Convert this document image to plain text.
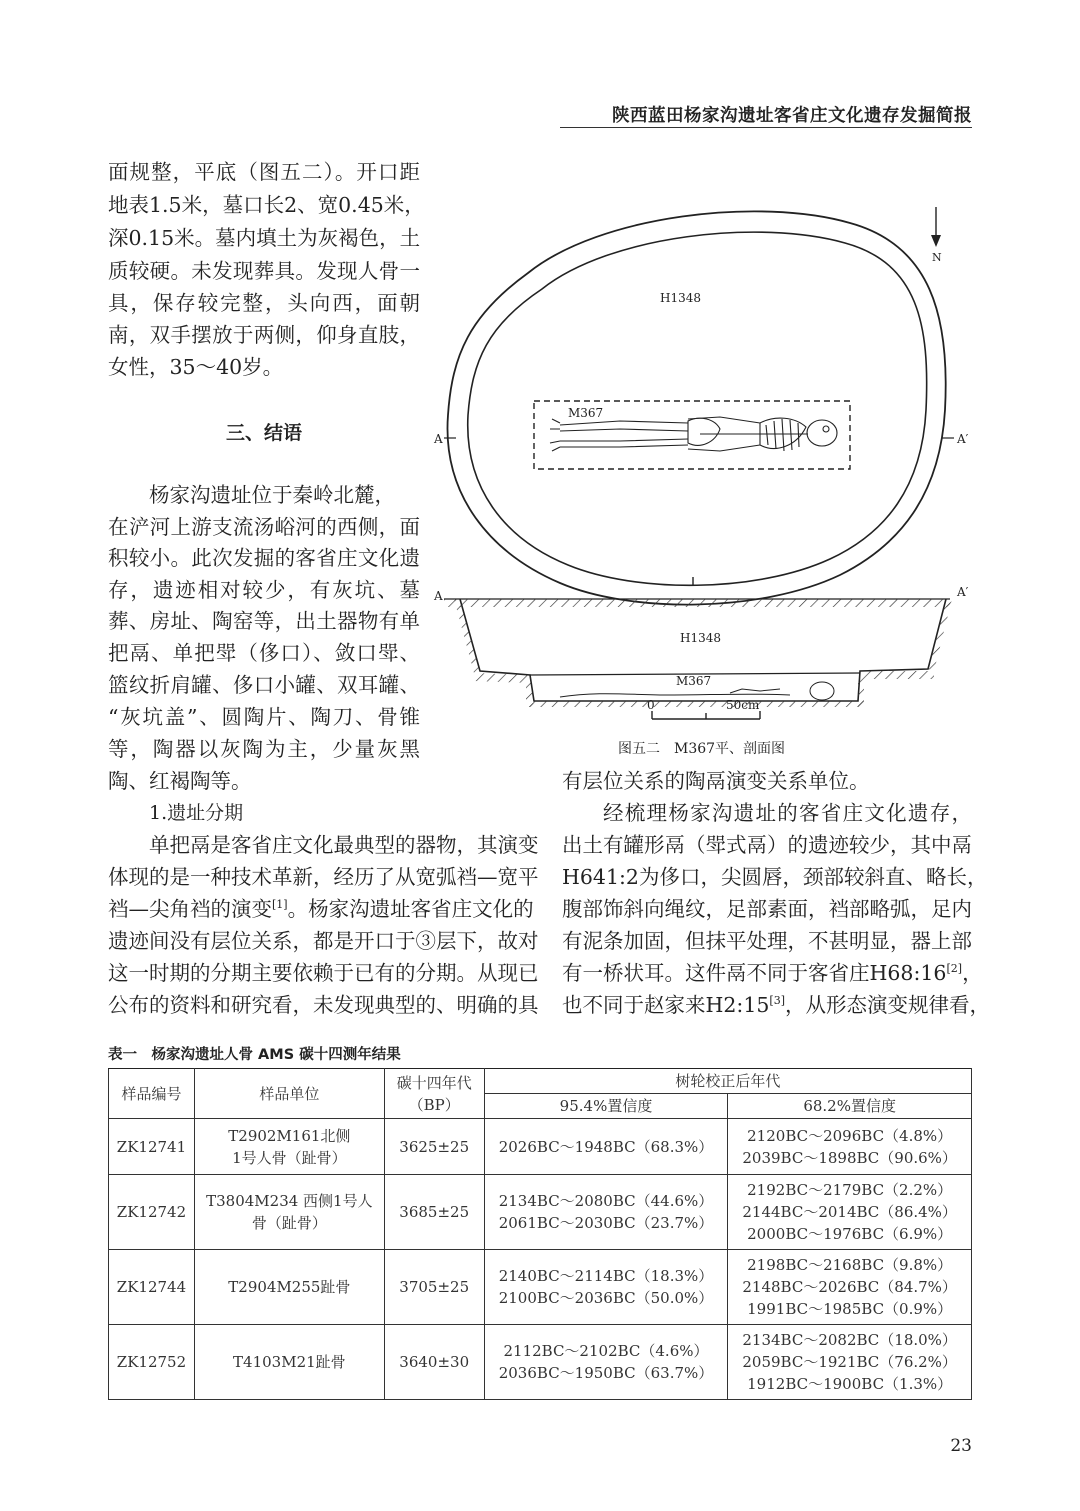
陕西蓝田杨家沟遗址客省庄文化遗存发掘简报
面规整，平底（图五二）。开口距
地表1.5米，墓口长2、宽0.45米，
深0.15米。墓内填土为灰褐色，土
质较硬。未发现葬具。发现人骨一
具，保存较完整，头向西，面朝
南，双手摆放于两侧，仰身直肢，
女性，35～40岁。
三、结语
杨家沟遗址位于秦岭北麓，
在浐河上游支流汤峪河的西侧，面
积较小。此次发掘的客省庄文化遗
存，遗迹相对较少，有灰坑、墓
葬、房址、陶窑等，出土器物有单
把鬲、单把斝（侈口）、敛口斝、
篮纹折肩罐、侈口小罐、双耳罐、
“灰坑盖”、圆陶片、陶刀、骨锥
等，陶器以灰陶为主，少量灰黑
陶、红褐陶等。
1.遗址分期
单把鬲是客省庄文化最典型的器物，其演变
体现的是一种技术革新，经历了从宽弧裆—宽平
裆—尖角裆的演变[1]。杨家沟遗址客省庄文化的
遗迹间没有层位关系，都是开口于③层下，故对
这一时期的分期主要依赖于已有的分期。从现已
公布的资料和研究看，未发现典型的、明确的具
有层位关系的陶鬲演变关系单位。
经梳理杨家沟遗址的客省庄文化遗存，
出土有罐形鬲（斝式鬲）的遗迹较少，其中鬲
H641:2为侈口，尖圆唇，颈部较斜直、略长，
腹部饰斜向绳纹，足部素面，裆部略弧，足内
有泥条加固，但抹平处理，不甚明显，器上部
有一桥状耳。这件鬲不同于客省庄H68:16[2]，
也不同于赵家来H2:15[3]，从形态演变规律看，
N
H1348
M367
A	A′
A	A′
H1348
M367
0	50cm
图五二　M367平、剖面图
表一　杨家沟遗址人骨 AMS 碳十四测年结果
样品编号	样品单位	碳十四年代
（BP）	树轮校正后年代	
			95.4%置信度	68.2%置信度
ZK12741	T2902M161北侧
1号人骨（趾骨）	3625±25	2026BC～1948BC（68.3%）	2120BC～2096BC（4.8%）
2039BC～1898BC（90.6%）
ZK12742	T3804M234 西侧1号人
骨（趾骨）	3685±25	2134BC～2080BC（44.6%）
2061BC～2030BC（23.7%）	2192BC～2179BC（2.2%）
2144BC～2014BC（86.4%）
2000BC～1976BC（6.9%）
ZK12744	T2904M255趾骨	3705±25	2140BC～2114BC（18.3%）
2100BC～2036BC（50.0%）	2198BC～2168BC（9.8%）
2148BC～2026BC（84.7%）
1991BC～1985BC（0.9%）
ZK12752	T4103M21趾骨	3640±30	2112BC～2102BC（4.6%）
2036BC～1950BC（63.7%）	2134BC～2082BC（18.0%）
2059BC～1921BC（76.2%）
1912BC～1900BC（1.3%）
23
